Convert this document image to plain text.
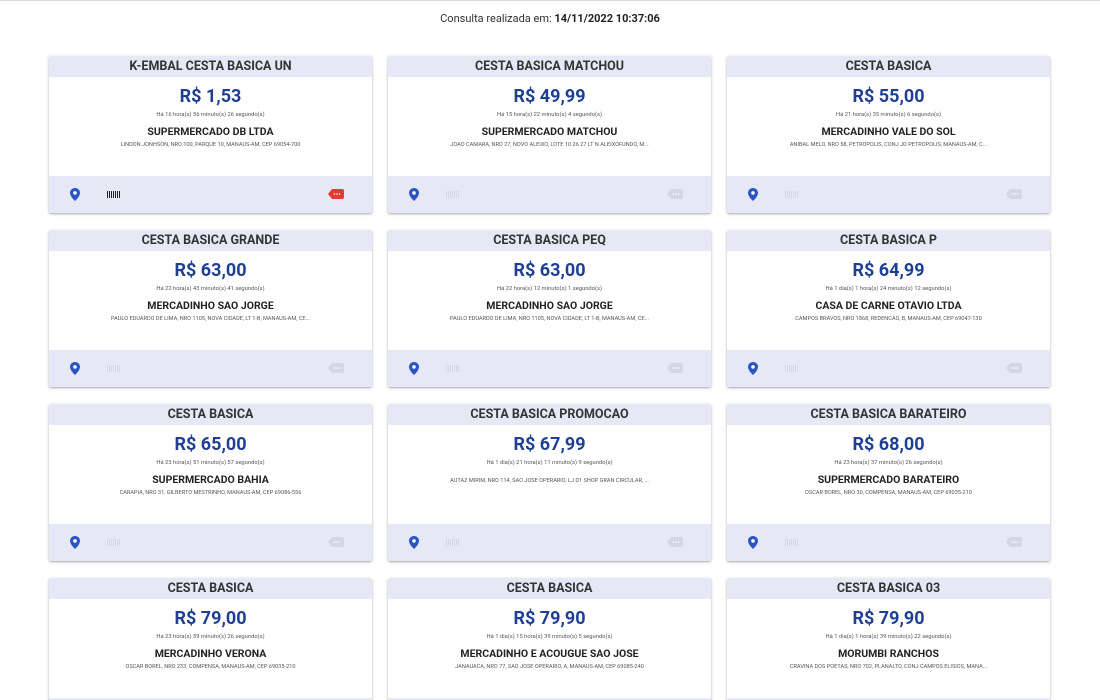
Consulta realizada em: 14/11/2022 10:37:06
K-EMBAL CESTA BASICA UN
R$ 1,53
Há 16 hora(s) 56 minuto(s) 26 segundo(s)
SUPERMERCADO DB LTDA
LINDON JONHSON, NRO 100, PARQUE 10, MANAUS-AM, CEP 69054-700
CESTA BASICA MATCHOU
R$ 49,99
Há 15 hora(s) 22 minuto(s) 4 segundo(s)
SUPERMERCADO MATCHOU
JOAO CAMARA, NRO 27, NOVO ALEIXO, LOTE 10 26 27 LT N.ALEIXOFUNDO, M...
CESTA BASICA
R$ 55,00
Há 21 hora(s) 35 minuto(s) 6 segundo(s)
MERCADINHO VALE DO SOL
ANIBAL MELO, NRO 58, PETROPOLIS, CONJ JD PETROPOLIS, MANAUS-AM, C...
CESTA BASICA GRANDE
R$ 63,00
Há 22 hora(s) 43 minuto(s) 41 segundo(s)
MERCADINHO SAO JORGE
PAULO EDUARDO DE LIMA, NRO 1105, NOVA CIDADE, LT 1-B, MANAUS-AM, CE...
CESTA BASICA PEQ
R$ 63,00
Há 22 hora(s) 12 minuto(s) 1 segundo(s)
MERCADINHO SAO JORGE
PAULO EDUARDO DE LIMA, NRO 1105, NOVA CIDADE, LT 1-B, MANAUS-AM, CE...
CESTA BASICA P
R$ 64,99
Há 1 dia(s) 1 hora(s) 24 minuto(s) 12 segundo(s)
CASA DE CARNE OTAVIO LTDA
CAMPOS BRAVOS, NRO 1868, REDENCAO, B, MANAUS-AM, CEP 69047-130
CESTA BASICA
R$ 65,00
Há 23 hora(s) 51 minuto(s) 57 segundo(s)
SUPERMERCADO BAHIA
CARAPIA, NRO 31, GILBERTO MESTRINHO, MANAUS-AM, CEP 69086-556
CESTA BASICA PROMOCAO
R$ 67,99
Há 1 dia(s) 21 hora(s) 11 minuto(s) 9 segundo(s)
AUTAZ MIRIM, NRO 114, SAO JOSE OPERARIO, LJ D1 SHOP GRAN CIRCULAR, ...
CESTA BASICA BARATEIRO
R$ 68,00
Há 23 hora(s) 37 minuto(s) 26 segundo(s)
SUPERMERCADO BARATEIRO
OSCAR BOREL, NRO 30, COMPENSA, MANAUS-AM, CEP 69035-210
CESTA BASICA
R$ 79,00
Há 23 hora(s) 59 minuto(s) 26 segundo(s)
MERCADINHO VERONA
OSCAR BOREL, NRO 233, COMPENSA, MANAUS-AM, CEP 69035-210
CESTA BASICA
R$ 79,90
Há 1 dia(s) 15 hora(s) 39 minuto(s) 5 segundo(s)
MERCADINHO E ACOUGUE SAO JOSE
JANAUACA, NRO 77, SAO JOSE OPERARIO, A, MANAUS-AM, CEP 69085-240
CESTA BASICA 03
R$ 79,90
Há 1 dia(s) 1 hora(s) 39 minuto(s) 22 segundo(s)
MORUMBI RANCHOS
CRAVINA DOS POETAS, NRO 702, PLANALTO, CONJ CAMPOS ELISIOS, MANA...
